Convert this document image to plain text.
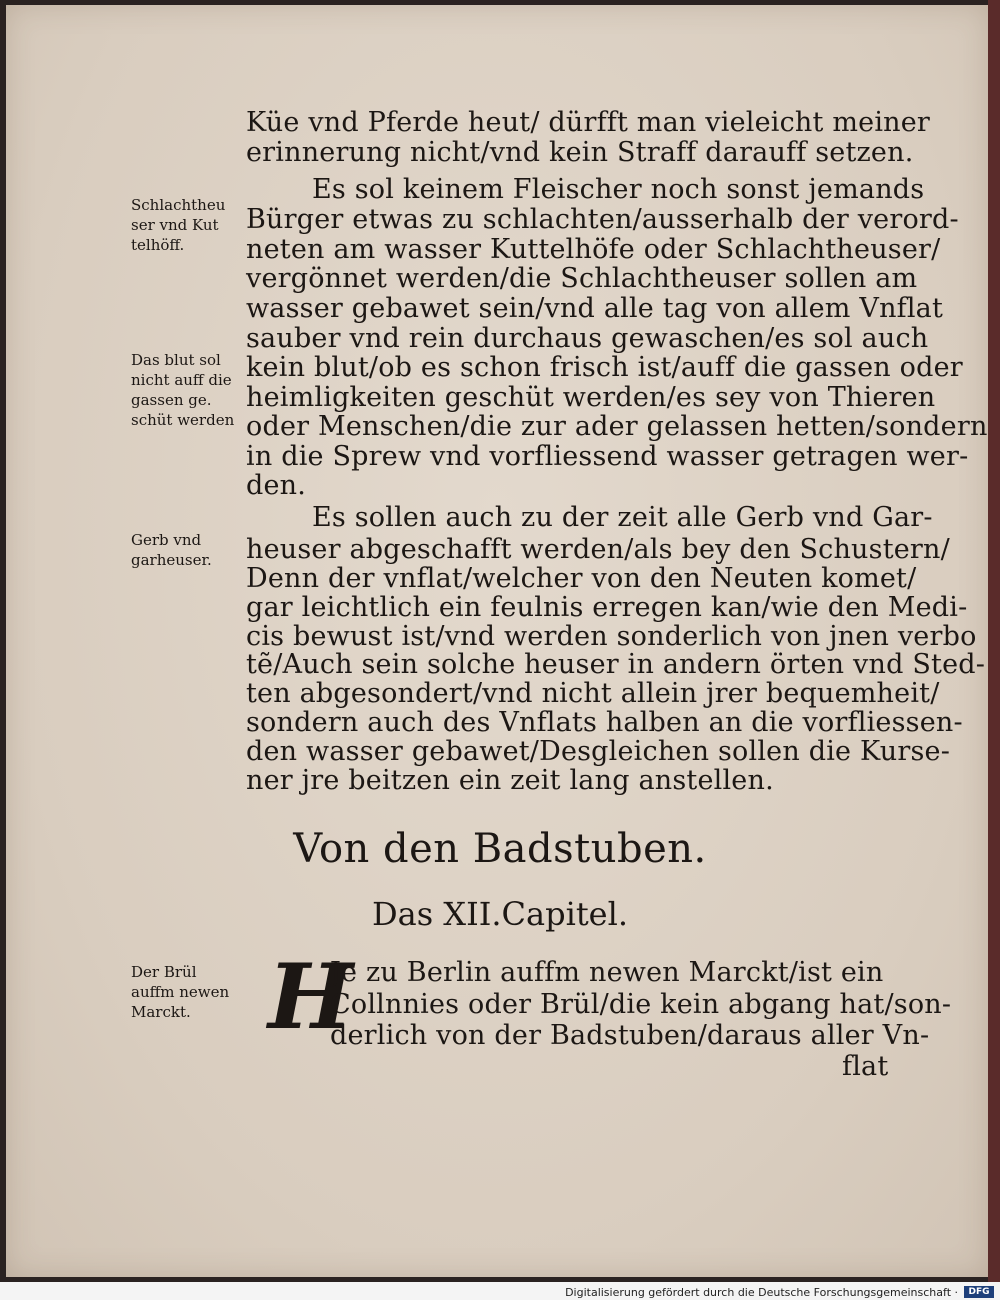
Küe vnd Pferde heut/ dürfft man vieleicht meiner
erinnerung nicht/vnd kein Straff darauff setzen.
Es sol keinem Fleischer noch sonst jemands
Bürger etwas zu schlachten/ausserhalb der verord-
neten am wasser Kuttelhöfe oder Schlachtheuser/
vergönnet werden/die Schlachtheuser sollen am
wasser gebawet sein/vnd alle tag von allem Vnflat
sauber vnd rein durchaus gewaschen/es sol auch
kein blut/ob es schon frisch ist/auff die gassen oder
heimligkeiten geschüt werden/es sey von Thieren
oder Menschen/die zur ader gelassen hetten/sondern
in die Sprew vnd vorfliessend wasser getragen wer-
den.
Es sollen auch zu der zeit alle Gerb vnd Gar-
heuser abgeschafft werden/als bey den Schustern/
Denn der vnflat/welcher von den Neuten komet/
gar leichtlich ein feulnis erregen kan/wie den Medi-
cis bewust ist/vnd werden sonderlich von jnen verbo
tẽ/Auch sein solche heuser in andern örten vnd Sted-
ten abgesondert/vnd nicht allein jrer bequemheit/
sondern auch des Vnflats halben an die vorfliessen-
den wasser gebawet/Desgleichen sollen die Kursе-
ner jre beitzen ein zeit lang anstellen.
Schlachtheu
ser vnd Kut
telhöff.
Das blut sol
nicht auff die
gassen ge.
schüt werden
Gerb vnd
garheuser.
Der Brül
auffm newen
Marckt.
Von den Badstuben.
Das XII.Capitel.
H
Je zu Berlin auffm newen Marckt/ist ein
Collnnies oder Brül/die kein abgang hat/son-
derlich von der Badstuben/daraus aller Vn-
flat
Digitalisierung gefördert durch die Deutsche Forschungsgemeinschaft ·	DFG
